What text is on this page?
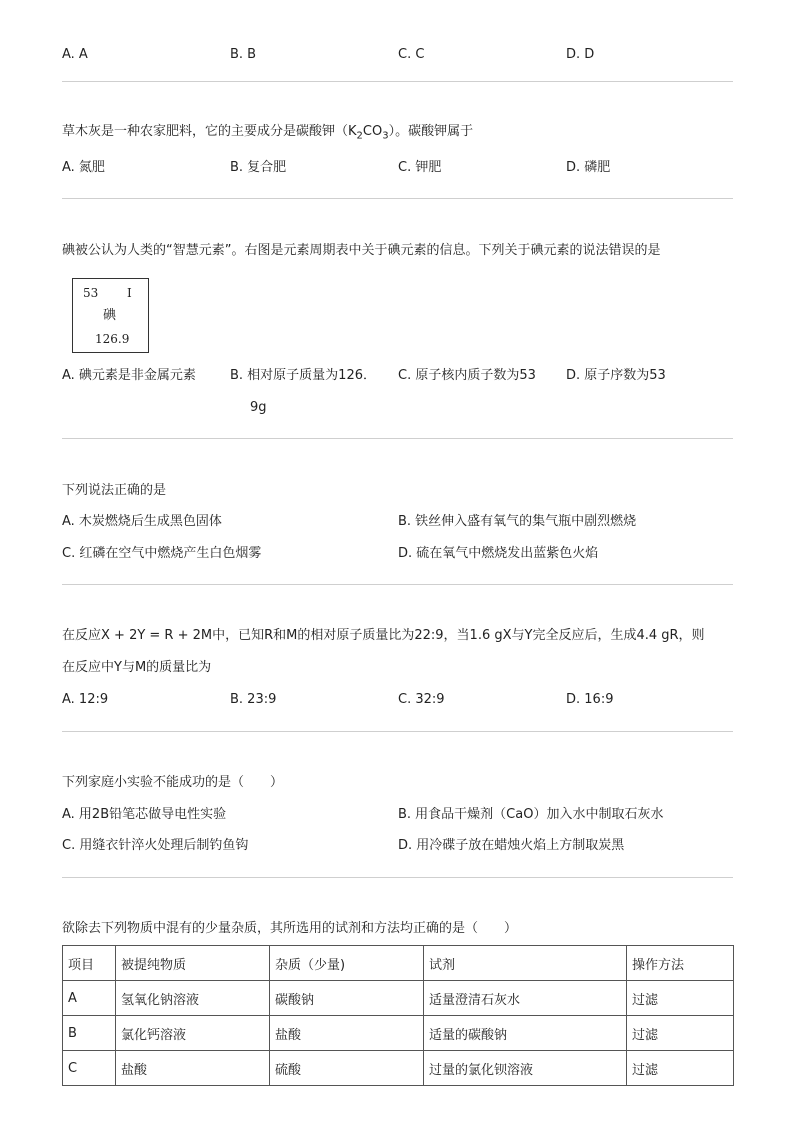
A. A	B. B	C. C	D. D
草木灰是一种农家肥料，它的主要成分是碳酸钾$(K_2CO_3)$。碳酸钾属于
A. 氮肥	B. 复合肥	C. 钾肥	D. 磷肥
碘被公认为人类的“智慧元素”。右图是元素周期表中关于碘元素的信息。下列关于碘元素的说法错误的是
53 I
碘
126.9
A. 碘元素是非金属元素	B. 相对原子质量为126．
9g
C. 原子核内质子数为53 D. 原子序数为53
下列说法正确的是
A. 木炭燃烧后生成黑色固体	B. 铁丝伸入盛有氧气的集气瓶中剧烈燃烧
C. 红磷在空气中燃烧产生白色烟雾	D. 硫在氧气中燃烧发出蓝紫色火焰
在反应X + 2Y = R + 2M中，已知R和M的相对原子质量比为22:9，当1.6 gX与Y完全反应后，生成4.4 gR，则
在反应中Y与M的质量比为
A. 12:9	B. 23:9	C. 32:9	D. 16:9
下列家庭小实验不能成功的是（　　）
A. 用2B铅笔芯做导电性实验	B. 用食品干燥剂（CaO）加入水中制取石灰水
C. 用缝衣针淬火处理后制钓鱼钩	D. 用冷碟子放在蜡烛火焰上方制取炭黑
欲除去下列物质中混有的少量杂质，其所选用的试剂和方法均正确的是（　　）
项目	被提纯物质	杂质（少量)	试剂	操作方法
A	氢氧化钠溶液	碳酸钠	适量澄清石灰水	过滤
B	氯化钙溶液	盐酸	适量的碳酸钠	过滤
C	盐酸	硫酸	过量的氯化钡溶液	过滤
